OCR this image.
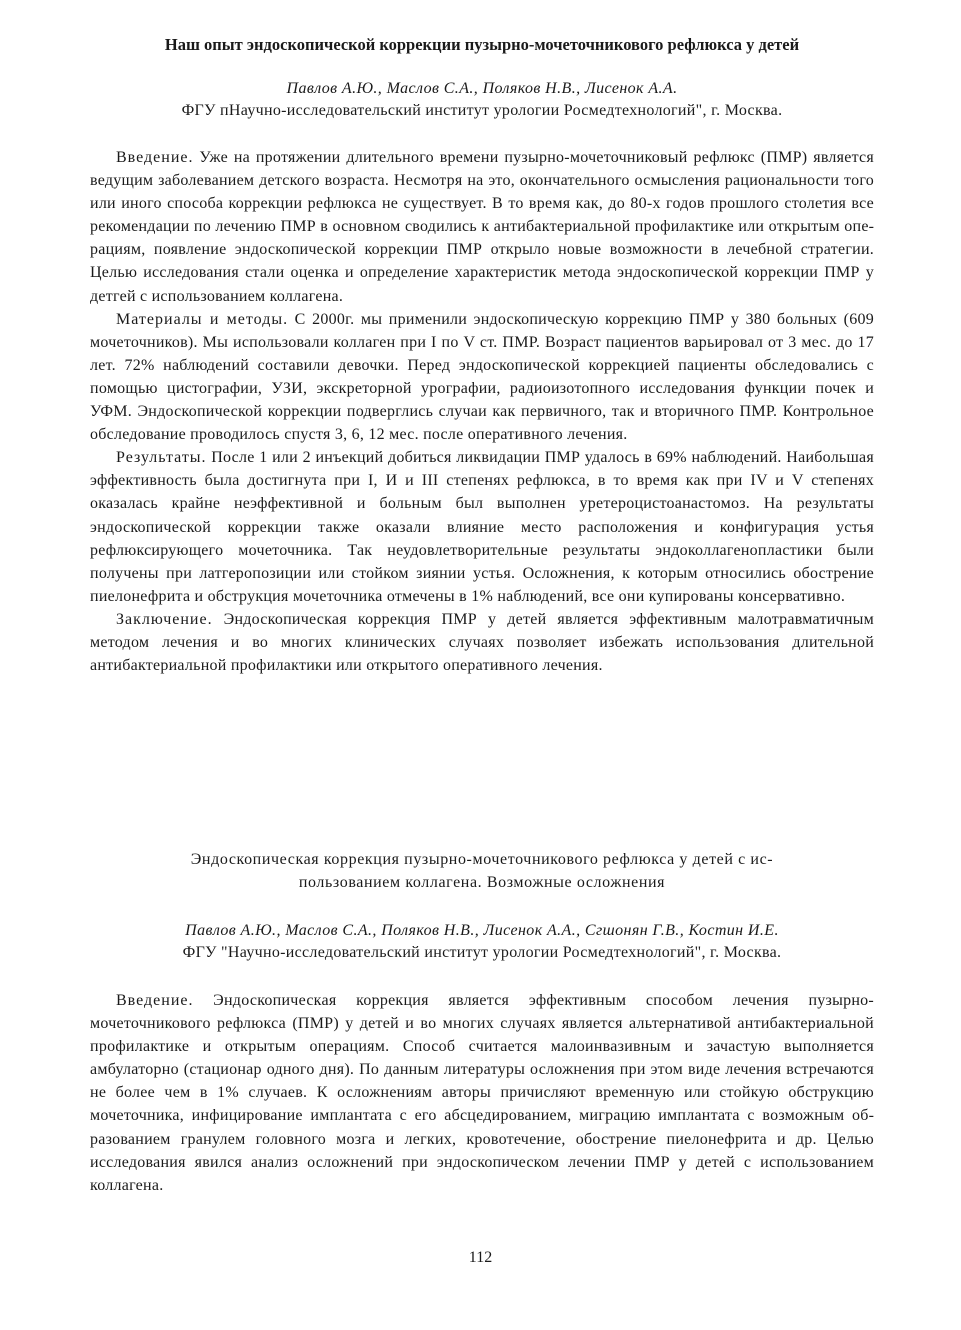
Наш опыт эндоскопической коррекции пузырно-мочеточникового рефлюкса у детей

Павлов А.Ю., Маслов С.А., Поляков Н.В., Лисенок А.А.

ФГУ пНаучно-исследовательский институт урологии Росмедтехнологий", г. Москва.

Введение. Уже на протяжении длительного времени пузырно-мочеточниковый рефлюкс (ПМР) является ведущим заболеванием детского возраста. Несмотря на это, окончательного осмысления рациональности того или иного способа коррекции рефлюкса не существует. В то время как, до 80-х годов прошлого столетия все рекомендации по лечению ПМР в основном сводились к антибактериальной профилактике или открытым операциям, появление эндоскопической коррекции ПМР открыло новые возможности в лечебной стратегии. Целью исследования стали оценка и определение характеристик метода эндоскопической коррекции ПМР у детгей с использованием коллагена.

Материалы и методы. С 2000г. мы применили эндоскопическую коррекцию ПМР у 380 больных (609 мочеточников). Мы использовали коллаген при I по V ст. ПМР. Возраст пациентов варьировал от 3 мес. до 17 лет. 72% наблюдений составили девочки. Перед эндоскопической коррекцией пациенты обследовались с помощью цистографии, УЗИ, экскреторной урографии, радиоизотопного исследования функции почек и УФМ. Эндоскопической коррекции подверглись случаи как первичного, так и вторичного ПМР. Контрольное обследование проводилось спустя 3, 6, 12 мес. после оперативного лечения.

Результаты. После 1 или 2 инъекций добиться ликвидации ПМР удалось в 69% наблюдений. Наибольшая эффективность была достигнута при I, И и III степенях рефлюкса, в то время как при IV и V степенях оказалась крайне неэффективной и больным был выполнен уретероцистоанастомоз. На результаты эндоскопической коррекции также оказали влияние место расположения и конфигурация устья рефлюксирующего мочеточника. Так неудовлетворительные результаты эндоколлагенопластики были получены при латгеропозиции или стойком зиянии устья. Осложнения, к которым относились обострение пиелонефрита и обструкция мочеточника отмечены в 1% наблюдений, все они купированы консервативно.

Заключение. Эндоскопическая коррекция ПМР у детей является эффективным малотравматичным методом лечения и во многих клинических случаях позволяет избежать использования длительной антибактериальной профилактики или открытого оперативного лечения.

Эндоскопическая коррекция пузырно-мочеточникового рефлюкса у детей с ис-

пользованием коллагена. Возможные осложнения

Павлов А.Ю., Маслов С.А., Поляков Н.В., Лисенок А.А., Сгшонян Г.В., Костин И.Е.

ФГУ "Научно-исследовательский институт урологии Росмедтехнологий", г. Москва.

Введение. Эндоскопическая коррекция является эффективным способом лечения пузырно-мочеточникового рефлюкса (ПМР) у детей и во многих случаях является альтернативой антибактериальной профилактике и открытым операциям. Способ считается малоинвазивным и зачастую выполняется амбулаторно (стационар одного дня). По данным литературы осложнения при этом виде лечения встречаются не более чем в 1% случаев. К осложнениям авторы причисляют временную или стойкую обструкцию мочеточника, инфицирование имплантата с его абсцедированием, миграцию имплантата с возможным образованием гранулем головного мозга и легких, кровотечение, обострение пиелонефрита и др. Целью исследования явился анализ осложнений при эндоскопическом лечении ПМР у детей с использованием коллагена.

112
